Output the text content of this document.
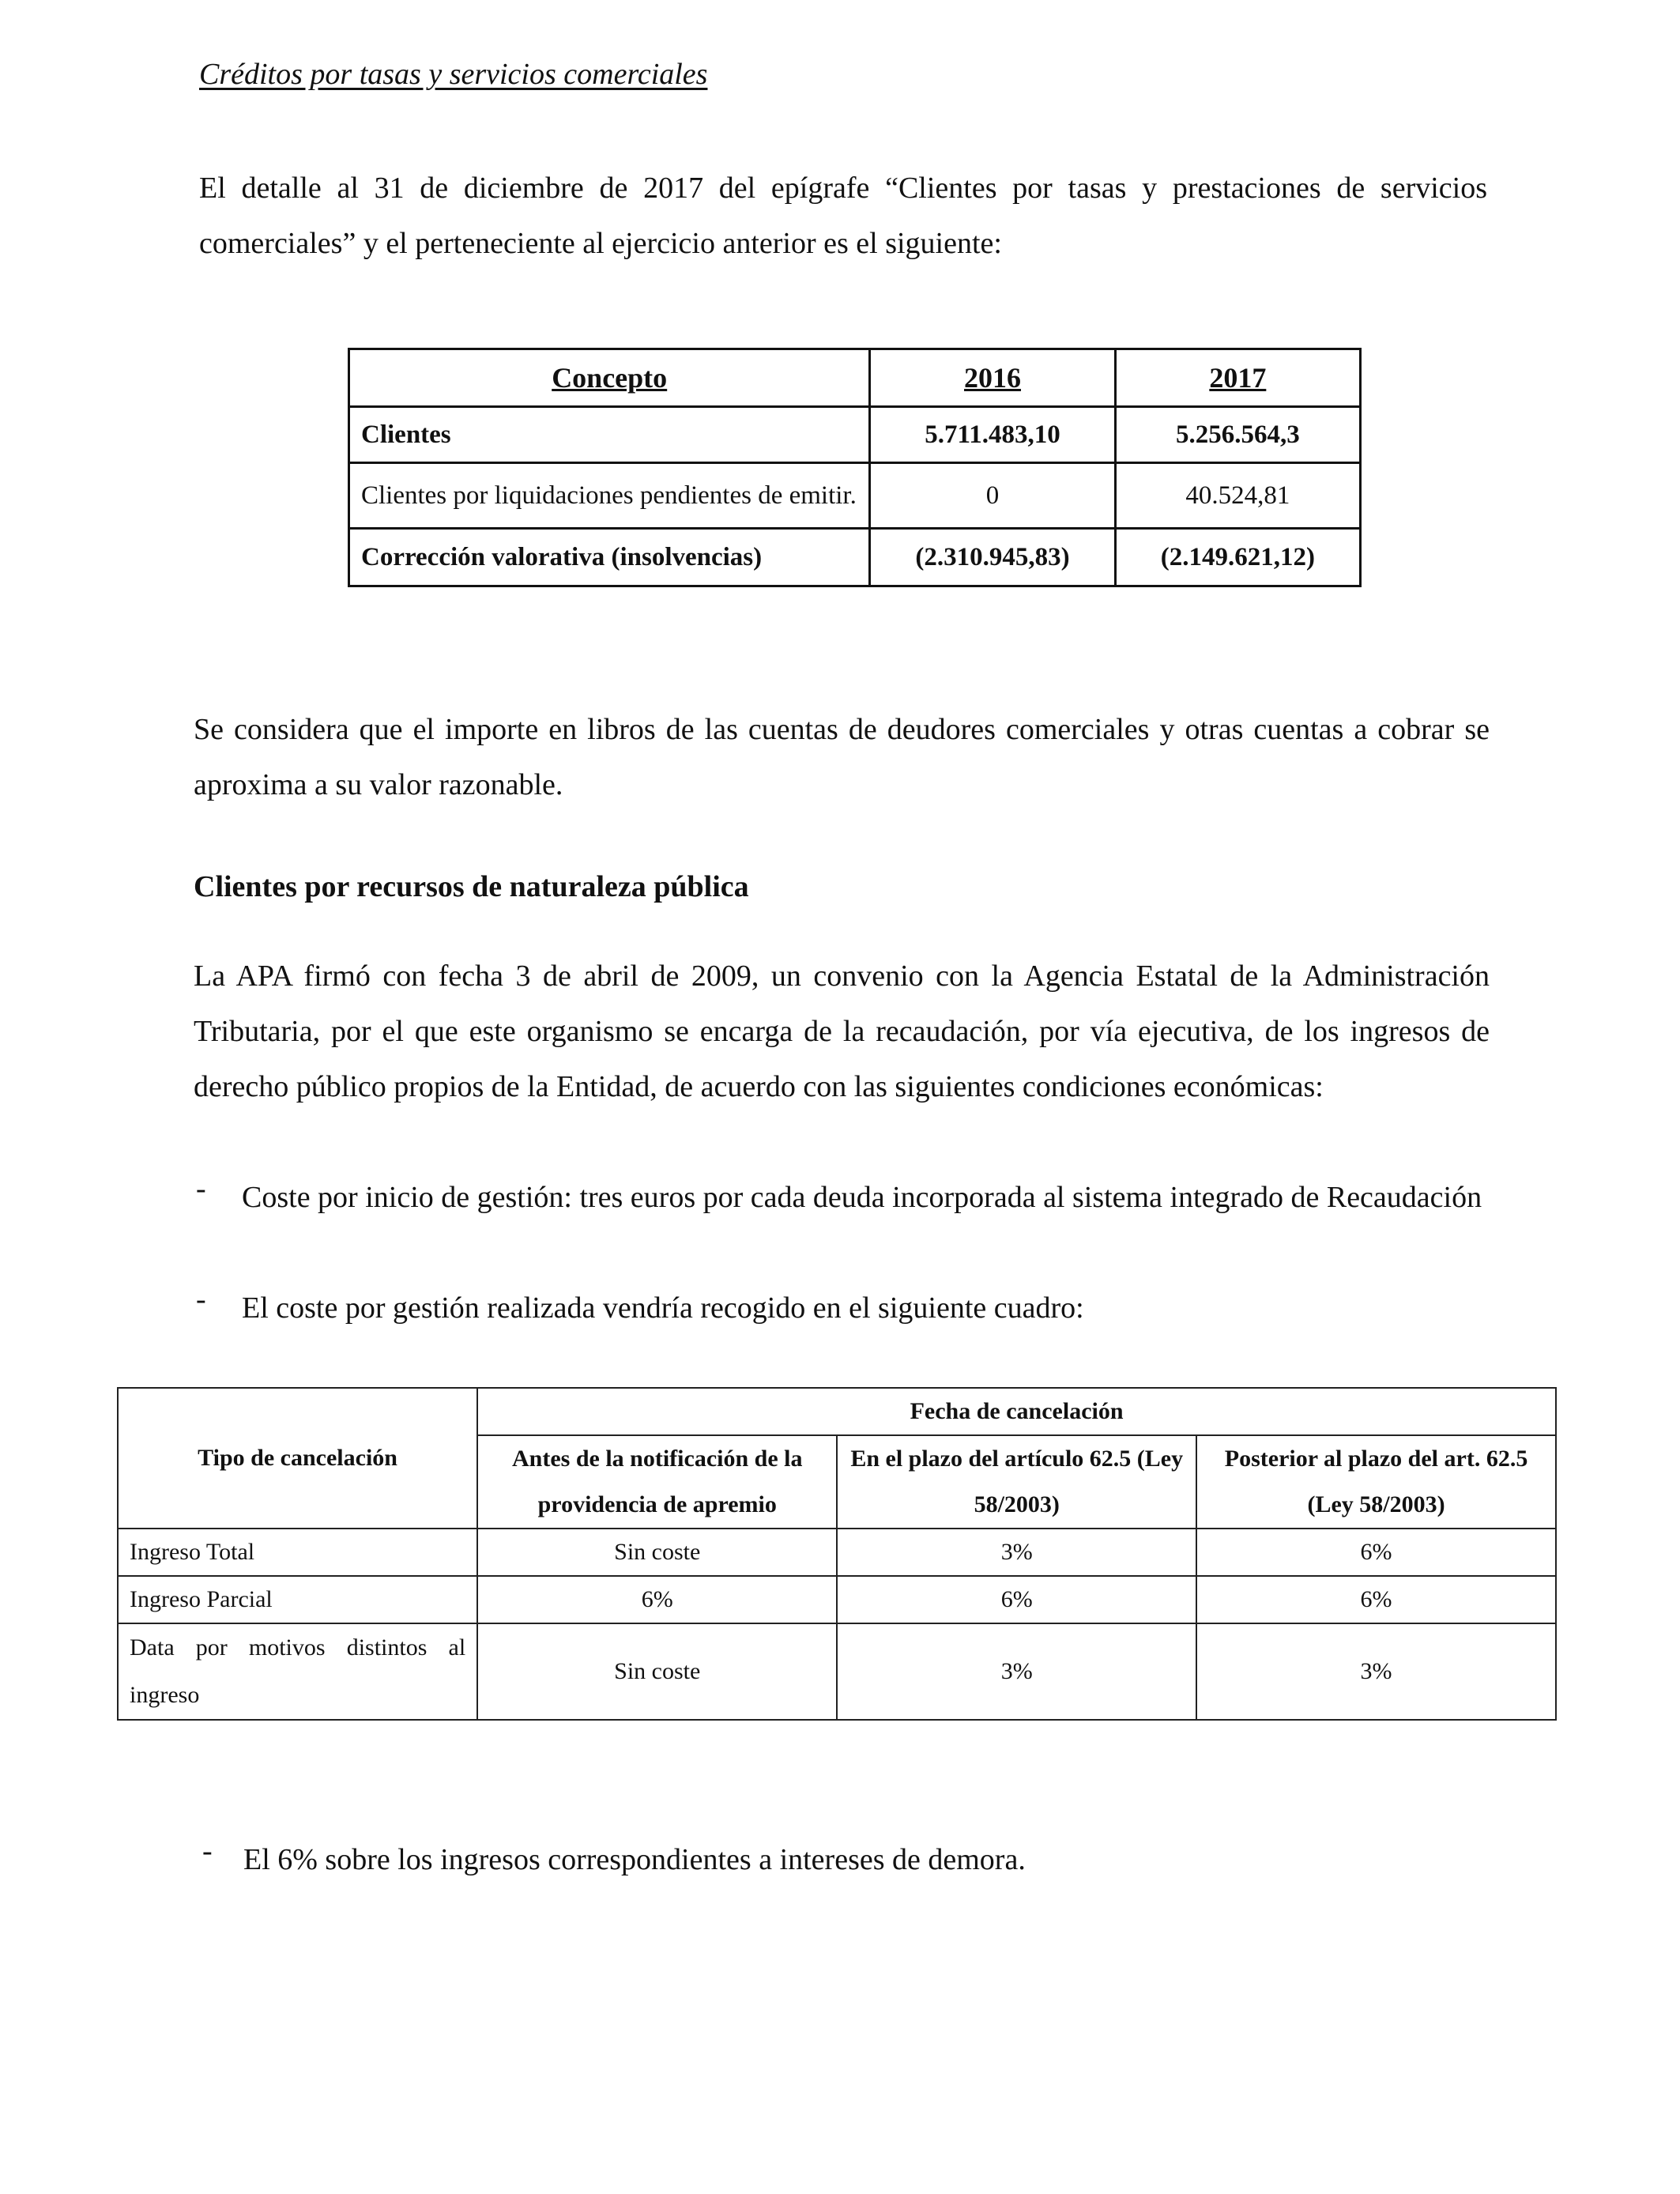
Créditos por tasas y servicios comerciales
El detalle al 31 de diciembre de 2017 del epígrafe “Clientes por tasas y prestaciones de servicios comerciales” y el perteneciente al ejercicio anterior es el siguiente:
Concepto	2016	2017
Clientes	5.711.483,10	5.256.564,3
Clientes por liquidaciones pendientes de emitir.	0	40.524,81
Corrección valorativa (insolvencias)	(2.310.945,83)	(2.149.621,12)
Se considera que el importe en libros de las cuentas de deudores comerciales y otras cuentas a cobrar se aproxima a su valor razonable.
Clientes por recursos de naturaleza pública
La APA firmó con fecha 3 de abril de 2009, un convenio con la Agencia Estatal de la Administración Tributaria, por el que este organismo se encarga de la recaudación, por vía ejecutiva, de los ingresos de derecho público propios de la Entidad, de acuerdo con las siguientes condiciones económicas:
- Coste por inicio de gestión: tres euros por cada deuda incorporada al sistema integrado de Recaudación
- El coste por gestión realizada vendría recogido en el siguiente cuadro:
Tipo de cancelación	Fecha de cancelación		
	Antes de la notificación de la providencia de apremio	En el plazo del artículo 62.5 (Ley 58/2003)	Posterior al plazo del art. 62.5 (Ley 58/2003)
Ingreso Total	Sin coste	3%	6%
Ingreso Parcial	6%	6%	6%
Data por motivos distintos al ingreso	Sin coste	3%	3%
- El 6% sobre los ingresos correspondientes a intereses de demora.
